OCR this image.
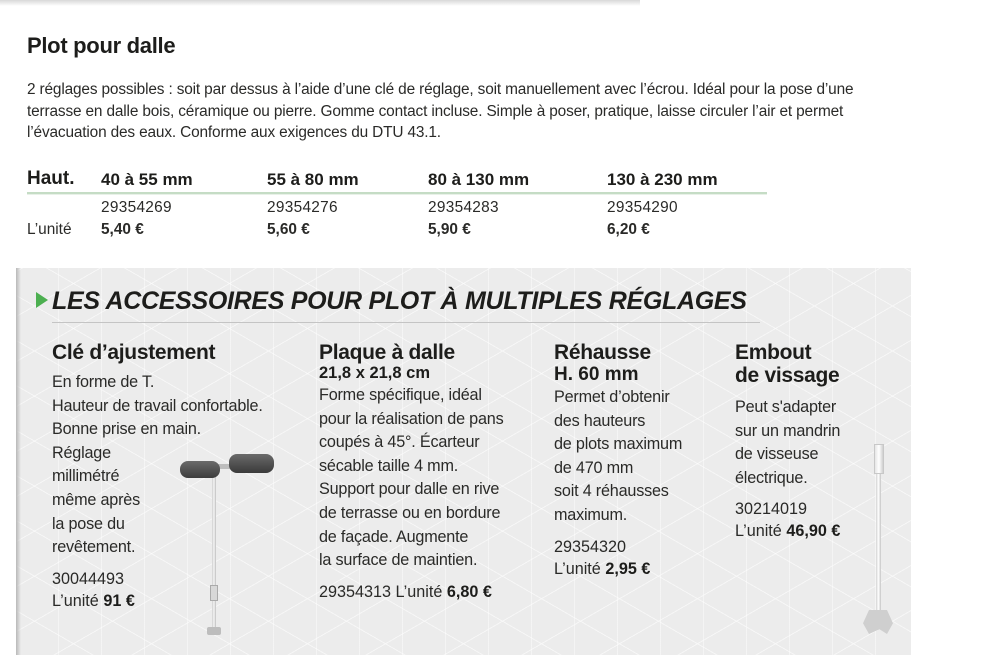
Plot pour dalle

2 réglages possibles : soit par dessus à l’aide d’une clé de réglage, soit manuellement avec l’écrou. Idéal pour la pose d’une terrasse en dalle bois, céramique ou pierre. Gomme contact incluse. Simple à poser, pratique, laisse circuler l’air et permet l’évacuation des eaux. Conforme aux exigences du DTU 43.1.

Haut. 40 à 55 mm	55 à 80 mm	80 à 130 mm	130 à 230 mm
29354269	29354276	29354283	29354290
L’unité 5,40 €	5,60 €	5,90 €	6,20 €
LES ACCESSOIRES POUR PLOT À MULTIPLES RÉGLAGES
Clé d’ajustement
En forme de T.
Hauteur de travail confortable.
Bonne prise en main.
Réglage
millimétré
même après
la pose du
revêtement.
30044493
L’unité 91 €
Plaque à dalle
21,8 x 21,8 cm
Forme spécifique, idéal
pour la réalisation de pans
coupés à 45°. Écarteur
sécable taille 4 mm.
Support pour dalle en rive
de terrasse ou en bordure
de façade. Augmente
la surface de maintien.
29354313 L’unité 6,80 €
Réhausse
H. 60 mm
Permet d’obtenir
des hauteurs
de plots maximum
de 470 mm
soit 4 réhausses
maximum.
29354320
L’unité 2,95 €
Embout
de vissage
Peut s'adapter
sur un mandrin
de visseuse
électrique.
30214019
L’unité 46,90 €
